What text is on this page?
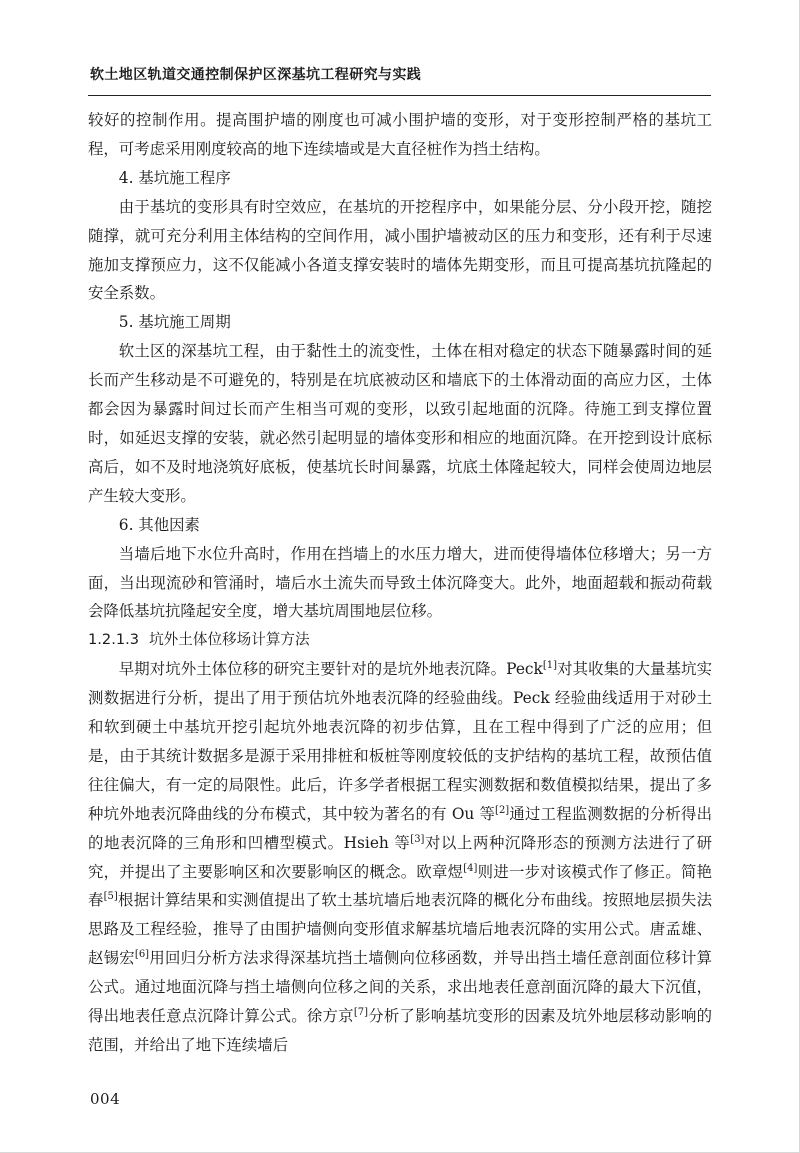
软土地区轨道交通控制保护区深基坑工程研究与实践

较好的控制作用。提高围护墙的刚度也可减小围护墙的变形，对于变形控制严格的基坑工程，可考虑采用刚度较高的地下连续墙或是大直径桩作为挡土结构。

4. 基坑施工程序

由于基坑的变形具有时空效应，在基坑的开挖程序中，如果能分层、分小段开挖，随挖随撑，就可充分利用主体结构的空间作用，减小围护墙被动区的压力和变形，还有利于尽速施加支撑预应力，这不仅能减小各道支撑安装时的墙体先期变形，而且可提高基坑抗隆起的安全系数。

5. 基坑施工周期

软土区的深基坑工程，由于黏性土的流变性，土体在相对稳定的状态下随暴露时间的延长而产生移动是不可避免的，特别是在坑底被动区和墙底下的土体滑动面的高应力区，土体都会因为暴露时间过长而产生相当可观的变形，以致引起地面的沉降。待施工到支撑位置时，如延迟支撑的安装，就必然引起明显的墙体变形和相应的地面沉降。在开挖到设计底标高后，如不及时地浇筑好底板，使基坑长时间暴露，坑底土体隆起较大，同样会使周边地层产生较大变形。

6. 其他因素

当墙后地下水位升高时，作用在挡墙上的水压力增大，进而使得墙体位移增大；另一方面，当出现流砂和管涌时，墙后水土流失而导致土体沉降变大。此外，地面超载和振动荷载会降低基坑抗隆起安全度，增大基坑周围地层位移。

1.2.1.3 坑外土体位移场计算方法

早期对坑外土体位移的研究主要针对的是坑外地表沉降。Peck[1]对其收集的大量基坑实测数据进行分析，提出了用于预估坑外地表沉降的经验曲线。Peck 经验曲线适用于对砂土和软到硬土中基坑开挖引起坑外地表沉降的初步估算，且在工程中得到了广泛的应用；但是，由于其统计数据多是源于采用排桩和板桩等刚度较低的支护结构的基坑工程，故预估值往往偏大，有一定的局限性。此后，许多学者根据工程实测数据和数值模拟结果，提出了多种坑外地表沉降曲线的分布模式，其中较为著名的有 Ou 等[2]通过工程监测数据的分析得出的地表沉降的三角形和凹槽型模式。Hsieh 等[3]对以上两种沉降形态的预测方法进行了研究，并提出了主要影响区和次要影响区的概念。欧章煜[4]则进一步对该模式作了修正。简艳春[5]根据计算结果和实测值提出了软土基坑墙后地表沉降的概化分布曲线。按照地层损失法思路及工程经验，推导了由围护墙侧向变形值求解基坑墙后地表沉降的实用公式。唐孟雄、赵锡宏[6]用回归分析方法求得深基坑挡土墙侧向位移函数，并导出挡土墙任意剖面位移计算公式。通过地面沉降与挡土墙侧向位移之间的关系，求出地表任意剖面沉降的最大下沉值，得出地表任意点沉降计算公式。徐方京[7]分析了影响基坑变形的因素及坑外地层移动影响的范围，并给出了地下连续墙后

004
